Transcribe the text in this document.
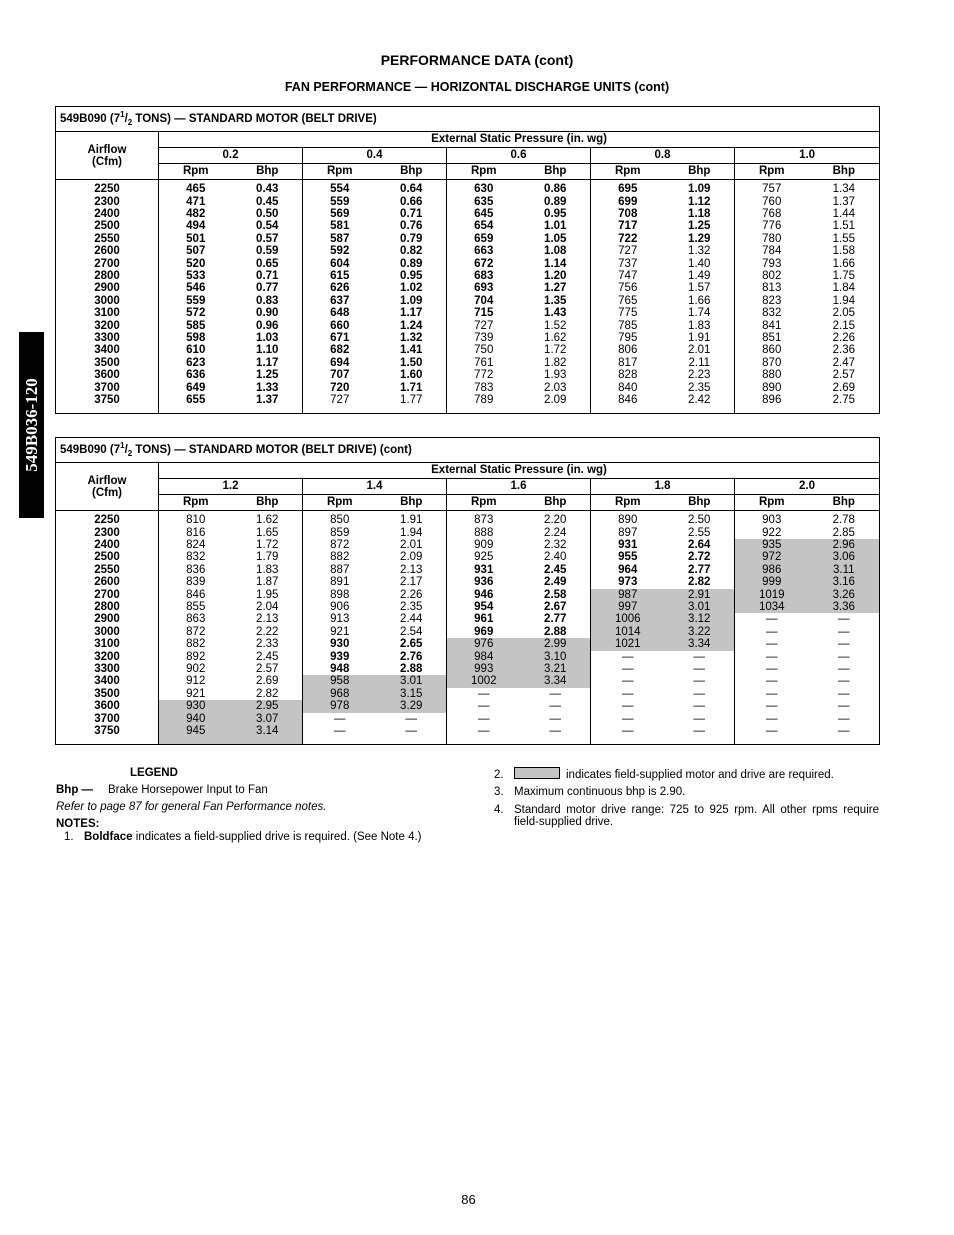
PERFORMANCE DATA (cont)
FAN PERFORMANCE — HORIZONTAL DISCHARGE UNITS (cont)
549B036-120
549B090 ($7^1/_2$ TONS) — STANDARD MOTOR (BELT DRIVE)										

Airflow
(Cfm)	External Static Pressure (in. wg)									
	0.2		0.4		0.6		0.8		1.0	
	Rpm	Bhp	Rpm	Bhp	Rpm	Bhp	Rpm	Bhp	Rpm	Bhp
2250	465	0.43	554	0.64	630	0.86	695	1.09	757	1.34
2300	471	0.45	559	0.66	635	0.89	699	1.12	760	1.37
2400	482	0.50	569	0.71	645	0.95	708	1.18	768	1.44
2500	494	0.54	581	0.76	654	1.01	717	1.25	776	1.51
2550	501	0.57	587	0.79	659	1.05	722	1.29	780	1.55
2600	507	0.59	592	0.82	663	1.08	727	1.32	784	1.58
2700	520	0.65	604	0.89	672	1.14	737	1.40	793	1.66
2800	533	0.71	615	0.95	683	1.20	747	1.49	802	1.75
2900	546	0.77	626	1.02	693	1.27	756	1.57	813	1.84
3000	559	0.83	637	1.09	704	1.35	765	1.66	823	1.94
3100	572	0.90	648	1.17	715	1.43	775	1.74	832	2.05
3200	585	0.96	660	1.24	727	1.52	785	1.83	841	2.15
3300	598	1.03	671	1.32	739	1.62	795	1.91	851	2.26
3400	610	1.10	682	1.41	750	1.72	806	2.01	860	2.36
3500	623	1.17	694	1.50	761	1.82	817	2.11	870	2.47
3600	636	1.25	707	1.60	772	1.93	828	2.23	880	2.57
3700	649	1.33	720	1.71	783	2.03	840	2.35	890	2.69
3750	655	1.37	727	1.77	789	2.09	846	2.42	896	2.75
549B090 ($7^1/_2$ TONS) — STANDARD MOTOR (BELT DRIVE) (cont)										

Airflow
(Cfm)	External Static Pressure (in. wg)									
	1.2		1.4		1.6		1.8		2.0	
	Rpm	Bhp	Rpm	Bhp	Rpm	Bhp	Rpm	Bhp	Rpm	Bhp
2250	810	1.62	850	1.91	873	2.20	890	2.50	903	2.78
2300	816	1.65	859	1.94	888	2.24	897	2.55	922	2.85
2400	824	1.72	872	2.01	909	2.32	931	2.64	935	2.96
2500	832	1.79	882	2.09	925	2.40	955	2.72	972	3.06
2550	836	1.83	887	2.13	931	2.45	964	2.77	986	3.11
2600	839	1.87	891	2.17	936	2.49	973	2.82	999	3.16
2700	846	1.95	898	2.26	946	2.58	987	2.91	1019	3.26
2800	855	2.04	906	2.35	954	2.67	997	3.01	1034	3.36
2900	863	2.13	913	2.44	961	2.77	1006	3.12	—	—
3000	872	2.22	921	2.54	969	2.88	1014	3.22	—	—
3100	882	2.33	930	2.65	976	2.99	1021	3.34	—	—
3200	892	2.45	939	2.76	984	3.10	—	—	—	—
3300	902	2.57	948	2.88	993	3.21	—	—	—	—
3400	912	2.69	958	3.01	1002	3.34	—	—	—	—
3500	921	2.82	968	3.15	—	—	—	—	—	—
3600	930	2.95	978	3.29	—	—	—	—	—	—
3700	940	3.07	—	—	—	—	—	—	—	—
3750	945	3.14	—	—	—	—	—	—	—	—
LEGEND
Bhp — Brake Horsepower Input to Fan
Refer to page 87 for general Fan Performance notes.
NOTES:
1. Boldface indicates a field-supplied drive is required. (See Note 4.)
2.	indicates field-supplied motor and drive are required.
3. Maximum continuous bhp is 2.90.
4. Standard motor drive range: 725 to 925 rpm. All other rpms require field-supplied drive.
86
